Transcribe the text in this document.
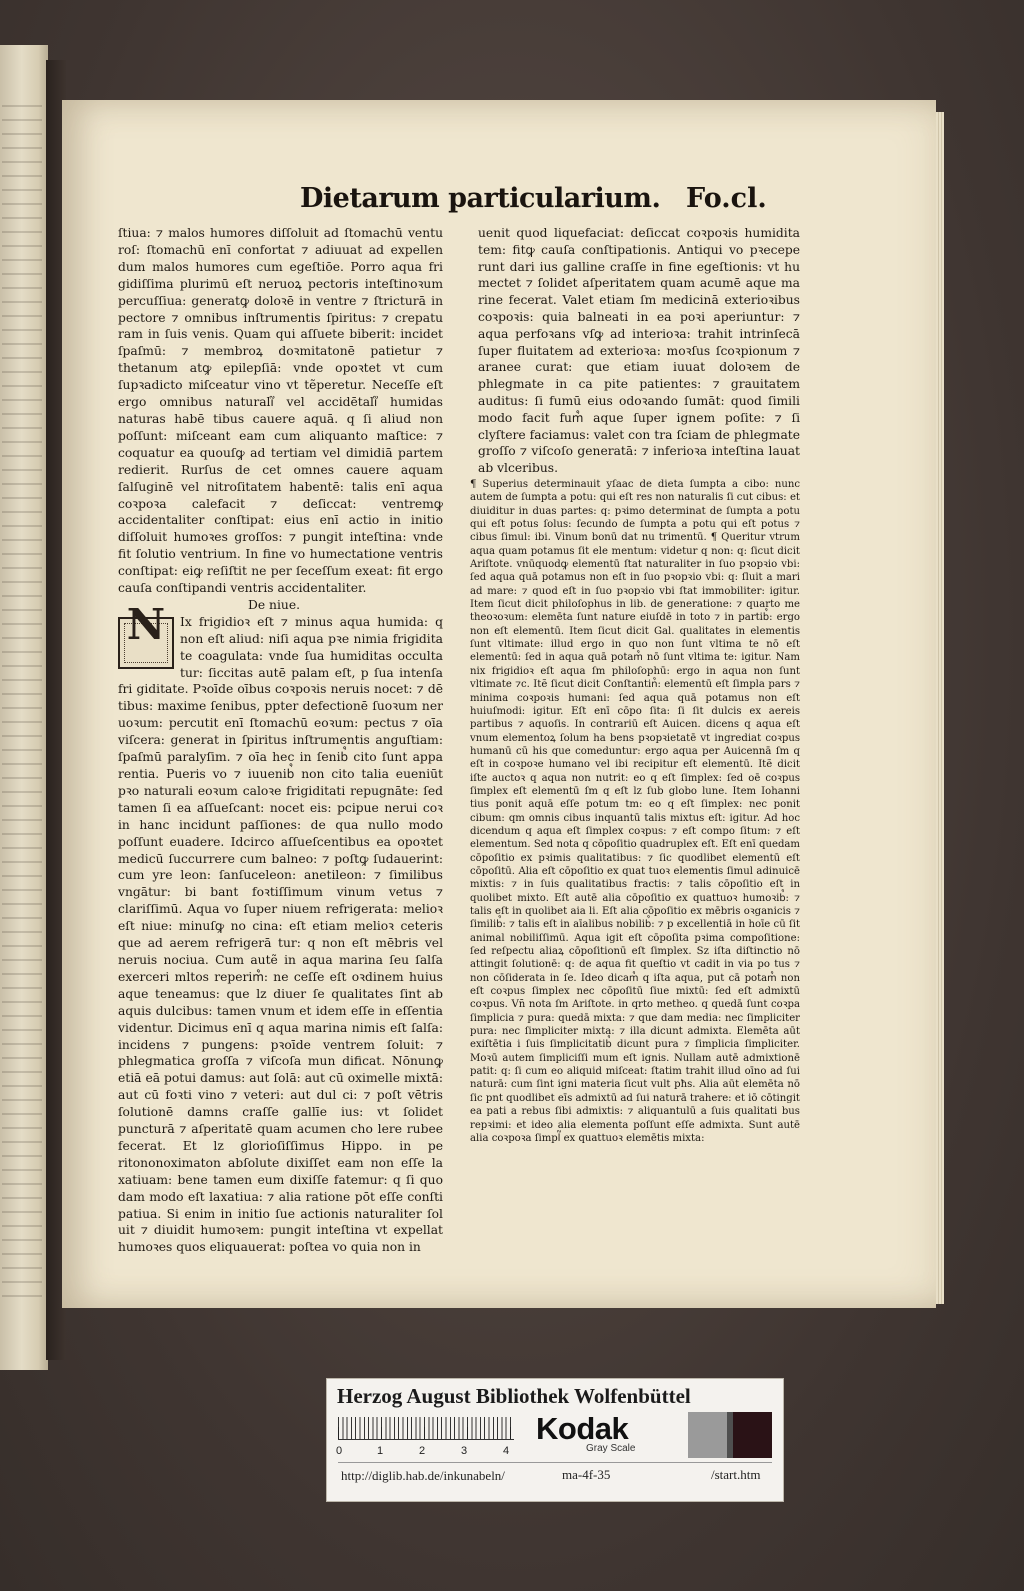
Dietarum particularium. Fo.cl.

ſtiua: ⁊ malos humores diſſoluit ad ſtomachū ventu roſ: ſtomachū enī confortat ⁊ adiuuat ad expellen dum malos humores cum egeſtiōe. Porro aqua fri gidiſſima plurimū eſt neruoꝝ pectoris inteſtinoꝛum percuſſiua: generatꝙ doloꝛē in ventre ⁊ ſtricturā in pectore ⁊ omnibus inſtrumentis ſpiritus: ⁊ crepatu ram in ſuis venis. Quam qui aſſuete biberit: incidet ſpaſmū: ⁊ membroꝝ doꝛmitatonē patietur ⁊ thetanum atꝙ epilepſiā: vnde opoꝛtet vt cum ſupꝛadicto miſceatur vino vt tẽperetur. Neceſſe eſt ergo omnibus naturali᷑ vel accidētali᷑ humidas naturas habē tibus cauere aquā. q ſi aliud non poſſunt: miſceant eam cum aliquanto maſtice: ⁊ coquatur ea quouſꝙ ad tertiam vel dimidiā partem redierit. Rurſus de cet omnes cauere aquam ſalſuginē vel nitroſitatem habentē: talis enī aqua coꝛpoꝛa calefacit ⁊ deſiccat: ventremꝙ accidentaliter conſtipat: eius enī actio in initio diſſoluit humoꝛes groſſos: ⁊ pungit inteſtina: vnde fit ſolutio ventrium. In fine vo humectatione ventris conſtipat: eiꝙ reſiſtit ne per ſeceſſum exeat: fit ergo cauſa conſtipandi ventris accidentaliter.

De niue.

N	Ix frigidioꝛ eſt ⁊ minus aqua humida: q non eſt aliud: niſi aqua pꝛe nimia frigidita te coagulata: vnde ſua humiditas occulta tur: ſiccitas autē palam eſt, p ſua intenſa fri giditate. Pꝛoīde oībus coꝛpoꝛis neruis nocet: ⁊ dē tibus: maxime ſenibus, ppter defectionē ſuoꝛum ner uoꝛum: percutit enī ſtomachū eoꝛum: pectus ⁊ oīa viſcera: generat in ſpiritus inſtrumentis anguſtiam: ſpaſmū paralyſim. ⁊ oīa hec in ſenib᷒ cito ſunt appa rentia. Pueris vo ⁊ iuuenib᷒ non cito talia eueniūt pꝛo naturali eoꝛum caloꝛe frigiditati repugnāte: ſed tamen ſi ea aſſueſcant: nocet eis: pcipue nerui coꝛ in hanc incidunt paſſiones: de qua nullo modo poſſunt euadere. Idcirco aſſueſcentibus ea opoꝛtet medicū ſuccurrere cum balneo: ⁊ poſtꝙ ſudauerint: cum yre leon: ſanſuceleon: anetileon: ⁊ ſimilibus vngātur: bi bant foꝛtiſſimum vinum vetus ⁊ clariſſimū. Aqua vo ſuper niuem refrigerata: melioꝛ eſt niue: minuſꝙ no cina: eſt etiam melioꝛ ceteris que ad aerem refrigerā tur: q non eſt mēbris vel neruis nociua. Cum autẽ in aqua marina ſeu ſalſa exerceri mltos reperim᷒: ne ceſſe eſt oꝛdinem huius aque teneamus: que lz diuer ſe qualitates ſint ab aquis dulcibus: tamen vnum et idem eſſe in eſſentia videntur. Dicimus enī q aqua marina nimis eſt ſalſa: incidens ⁊ pungens: pꝛoīde ventrem ſoluit: ⁊ phlegmatica groſſa ⁊ viſcoſa mun dificat. Nōnunꝙ etiā eā potui damus: aut ſolā: aut cū oximelle mixtā: aut cū foꝛti vino ⁊ veteri: aut dul ci: ⁊ poſt vētris ſolutionē damns craſſe gallīe ius: vt ſolidet puncturā ⁊ aſperitatē quam acumen cho lere rubee fecerat. Et lz glorioſiſſimus Hippo. in pe ritononoximaton abſolute dixiſſet eam non eſſe la xatiuam: bene tamen eum dixiſſe fatemur: q ſi quo dam modo eſt laxatiua: ⁊ alia ratione pōt eſſe conſti patiua. Si enim in initio ſue actionis naturaliter ſol uit ⁊ diuidit humoꝛem: pungit inteſtina vt expellat humoꝛes quos eliquauerat: poſtea vo quia non in

uenit quod liquefaciat: deſiccat coꝛpoꝛis humidita tem: fitꝙ cauſa conſtipationis. Antiqui vo pꝛecepe runt dari ius galline craſſe in fine egeſtionis: vt hu mectet ⁊ ſolidet aſperitatem quam acumē aque ma rine fecerat. Valet etiam ſm medicinā exterioꝛibus coꝛpoꝛis: quia balneati in ea poꝛi aperiuntur: ⁊ aqua perfoꝛans vſꝙ ad interioꝛa: trahit intrinſecā ſuper fluitatem ad exterioꝛa: moꝛſus ſcoꝛpionum ⁊ aranee curat: que etiam iuuat doloꝛem de phlegmate in ca pite patientes: ⁊ grauitatem auditus: ſi fumū eius odoꝛando ſumāt: quod ſimili modo facit fum᷒ aque ſuper ignem poſite: ⁊ ſi clyſtere faciamus: valet con tra ſciam de phlegmate groſſo ⁊ viſcoſo generatā: ⁊ inferioꝛa inteſtina lauat ab vlceribus.

¶ Superius determinauit yſaac de dieta ſumpta a cibo: nunc autem de ſumpta a potu: qui eſt res non naturalis ſi cut cibus: et diuiditur in duas partes: q: pꝛimo determinat de ſumpta a potu qui eſt potus ſolus: ſecundo de ſumpta a potu qui eſt potus ⁊ cibus ſimul: ibi. Vinum bonū dat nu trimentū. ¶ Queritur vtrum aqua quam potamus ſit ele mentum: videtur q non: q: ſicut dicit Ariſtote. vnūquodꝙ elementū ſtat naturaliter in ſuo pꝛopꝛio vbi: ſed aqua quā potamus non eſt in ſuo pꝛopꝛio vbi: q: ſluit a mari ad mare: ⁊ quod eſt in ſuo pꝛopꝛio vbi ſtat immobiliter: igitur. Item ſicut dicit philoſophus in lib. de generatione: ⁊ quarto me theoꝛoꝛum: elemēta ſunt nature eiuſdē in toto ⁊ in partib᷒: ergo non eſt elementū. Item ſicut dicit Gal. qualitates in elementis ſunt vltimate: illud ergo in quo non ſunt vltima te nō eſt elementū: ſed in aqua quā potam᷒ nō ſunt vltima te: igitur. Nam nix frigidioꝛ eſt aqua ſm philoſophū: ergo in aqua non ſunt vltimate ⁊c. Itẽ ſicut dicit Conſtantin᷒: elementū eſt ſimpla pars ⁊ minima coꝛpoꝛis humani: ſed aqua quā potamus non eſt huiuſmodi: igitur. Eſt enī cōpo ſita: ſi ſit dulcis ex aereis partibus ⁊ aquoſis. In contrariū eſt Auicen. dicens q aqua eſt vnum elementoꝝ ſolum ha bens pꝛopꝛietatē vt ingrediat coꝛpus humanū cū his que comeduntur: ergo aqua per Auicennā ſm q eſt in coꝛpoꝛe humano vel ibi recipitur eſt elementū. Itẽ dicit iſte auctoꝛ q aqua non nutrit: eo q eſt ſimplex: ſed oē coꝛpus ſimplex eſt elementū ſm q eſt lz ſub globo lune. Item Iohanni tius ponit aquā eſſe potum tm: eo q eſt ſimplex: nec ponit cibum: qm omnis cibus inquantū talis mixtus eſt: igitur. Ad hoc dicendum q aqua eſt ſimplex coꝛpus: ⁊ eſt compo ſitum: ⁊ eſt elementum. Sed nota q cōpoſitio quadruplex eſt. Eſt enī quedam cōpoſitio ex pꝛimis qualitatibus: ⁊ ſic quodlibet elementū eſt cōpoſitū. Alia eſt cōpoſitio ex quat tuoꝛ elementis ſimul adinuicē mixtis: ⁊ in ſuis qualitatibus fractis: ⁊ talis cōpoſitio eſt in quolibet mixto. Eſt autē alia cōpoſitio ex quattuoꝛ humoꝛib᷒: ⁊ talis eſt in quolibet aia li. Eſt alia cōpoſitio ex mēbris oꝛganicis ⁊ ſimilib᷒: ⁊ talis eſt in aīalibus nobilib᷒: ⁊ p excellentiā in hoīe cū ſit animal nobiliſſimū. Aqua igit eſt cōpoſita pꝛima compoſitione: ſed reſpectu aliaꝝ cōpoſitionū eſt ſimplex. Sz iſta diſtinctio nō attingit ſolutionē: q: de aqua fit queſtio vt cadit in via po tus ⁊ non cōſiderata in ſe. Ideo dicam᷒ q iſta aqua, put cā potam᷒ non eſt coꝛpus ſimplex nec cōpoſitū ſiue mixtū: ſed eſt admixtū coꝛpus. Vn̄ nota ſm Ariſtote. in qrto metheo. q quedā ſunt coꝛpa ſimplicia ⁊ pura: quedā mixta: ⁊ que dam media: nec ſimpliciter pura: nec ſimpliciter mixta: ⁊ illa dicunt admixta. Elemēta aūt exiſtētia i ſuis ſimplicitatib᷒ dicunt pura ⁊ ſimplicia ſimpliciter. Moꝛū autem ſimpliciſſi mum eſt ignis. Nullam autē admixtionē patit: q: ſi cum eo aliquid miſceat: ſtatim trahit illud oīno ad ſui naturā: cum ſint igni materia ſicut vult pħs. Alia aūt elemēta nō ſic pnt quodlibet eīs admixtū ad ſui naturā trahere: et iō cōtingit ea pati a rebus ſibi admixtis: ⁊ aliquantulū a ſuis qualitati bus repꝛimi: et ideo alia elementa poſſunt eſſe admixta. Sunt autē alia coꝛpoꝛa ſimpl᷑ ex quattuoꝛ elemētis mixta:

Herzog August Bibliothek Wolfenbüttel
0	1	2	3	4
Kodak
Gray Scale
http://diglib.hab.de/inkunabeln/	ma-4f-35	/start.htm
